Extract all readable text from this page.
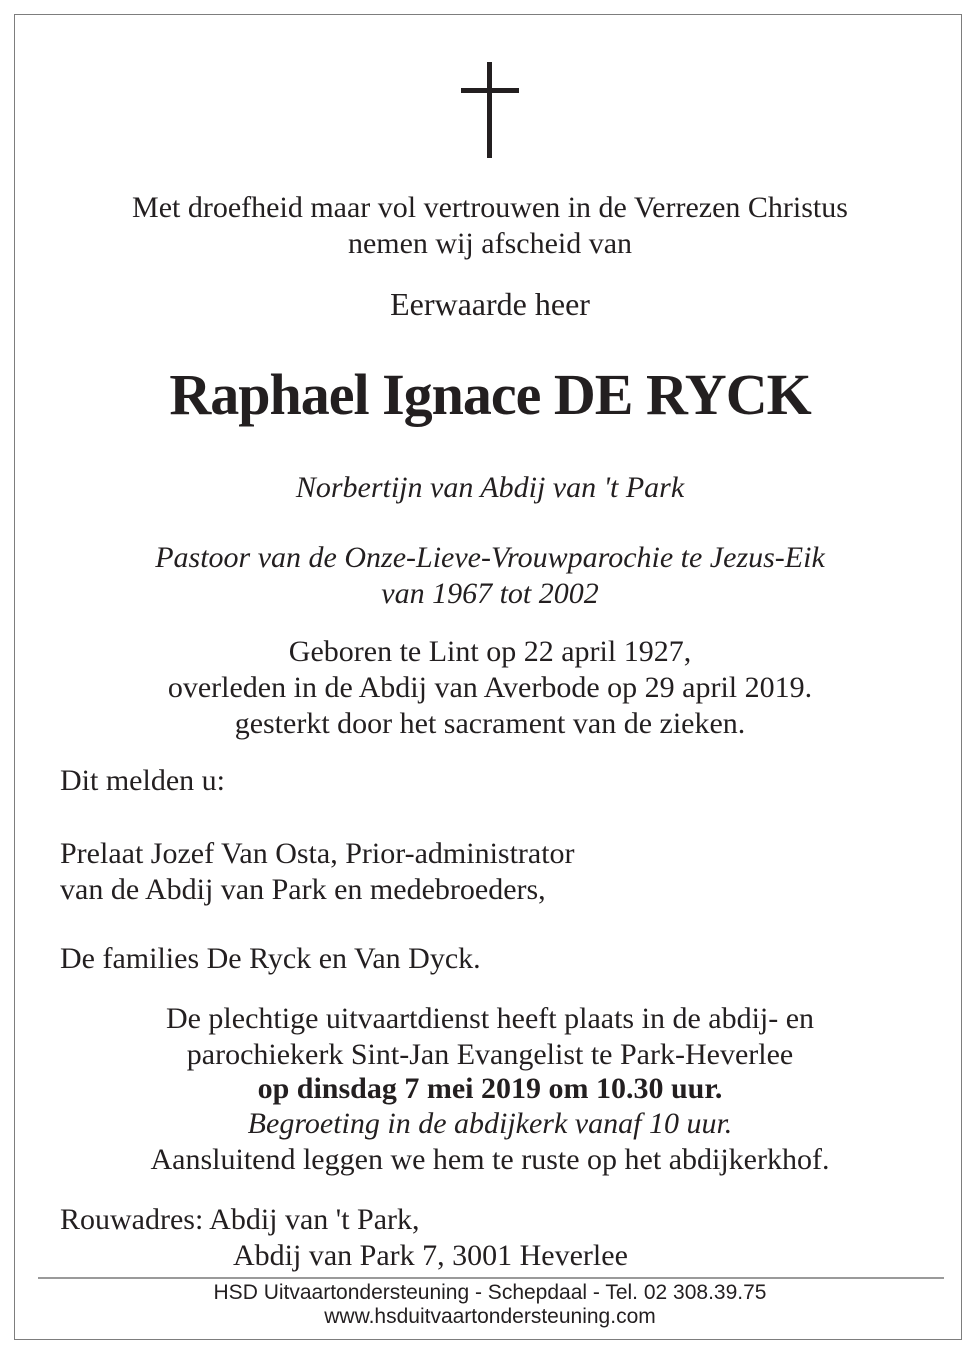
Met droefheid maar vol vertrouwen in de Verrezen Christus
nemen wij afscheid van
Eerwaarde heer
Raphael Ignace DE RYCK
Norbertijn van Abdij van 't Park
Pastoor van de Onze-Lieve-Vrouwparochie te Jezus-Eik
van 1967 tot 2002
Geboren te Lint op 22 april 1927,
overleden in de Abdij van Averbode op 29 april 2019.
gesterkt door het sacrament van de zieken.
Dit melden u:
Prelaat Jozef Van Osta, Prior-administrator
van de Abdij van Park en medebroeders,
De families De Ryck en Van Dyck.
De plechtige uitvaartdienst heeft plaats in de abdij- en
parochiekerk Sint-Jan Evangelist te Park-Heverlee
op dinsdag 7 mei 2019 om 10.30 uur.
Begroeting in de abdijkerk vanaf 10 uur.
Aansluitend leggen we hem te ruste op het abdijkerkhof.
Rouwadres: Abdij van 't Park,
Abdij van Park 7, 3001 Heverlee
HSD Uitvaartondersteuning - Schepdaal - Tel. 02 308.39.75
www.hsduitvaartondersteuning.com
